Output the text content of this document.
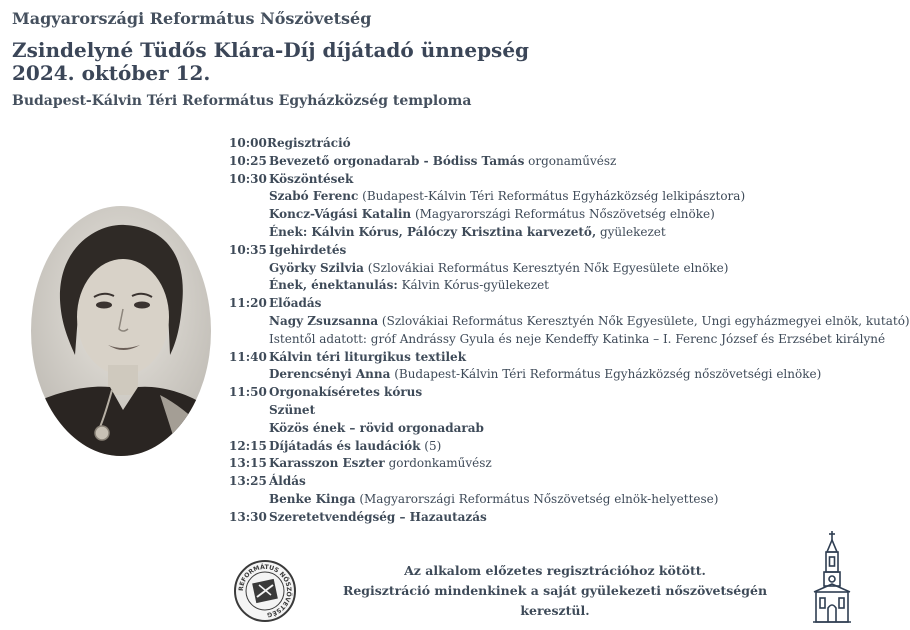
Magyarországi Református Nőszövetség
Zsindelyné Tüdős Klára-Díj díjátadó ünnepség
2024. október 12.
Budapest-Kálvin Téri Református Egyházközség temploma
10:00 Regisztráció
10:25 Bevezető orgonadarab - Bódiss Tamás orgonaművész
10:30 Köszöntések
Szabó Ferenc (Budapest-Kálvin Téri Református Egyházközség lelkipásztora)
Koncz-Vágási Katalin (Magyarországi Református Nőszövetség elnöke)
Ének: Kálvin Kórus, Pálóczy Krisztina karvezető, gyülekezet
10:35 Igehirdetés
Györky Szilvia (Szlovákiai Református Keresztyén Nők Egyesülete elnöke)
Ének, énektanulás: Kálvin Kórus-gyülekezet
11:20 Előadás
Nagy Zsuzsanna (Szlovákiai Református Keresztyén Nők Egyesülete, Ungi egyházmegyei elnök, kutató)
Istentől adatott: gróf Andrássy Gyula és neje Kendeffy Katinka – I. Ferenc József és Erzsébet királyné
11:40 Kálvin téri liturgikus textilek
Derencsényi Anna (Budapest-Kálvin Téri Református Egyházközség nőszövetségi elnöke)
11:50 Orgonakíséretes kórus
Szünet
Közös ének – rövid orgonadarab
12:15 Díjátadás és laudációk (5)
13:15 Karasszon Eszter gordonkaművész
13:25 Áldás
Benke Kinga (Magyarországi Református Nőszövetség elnök-helyettese)
13:30 Szeretetvendégség – Hazautazás
REFORMÁTUS NŐSZÖVETSÉG
Az alkalom előzetes regisztrációhoz kötött.
Regisztráció mindenkinek a saját gyülekezeti nőszövetségén keresztül.
